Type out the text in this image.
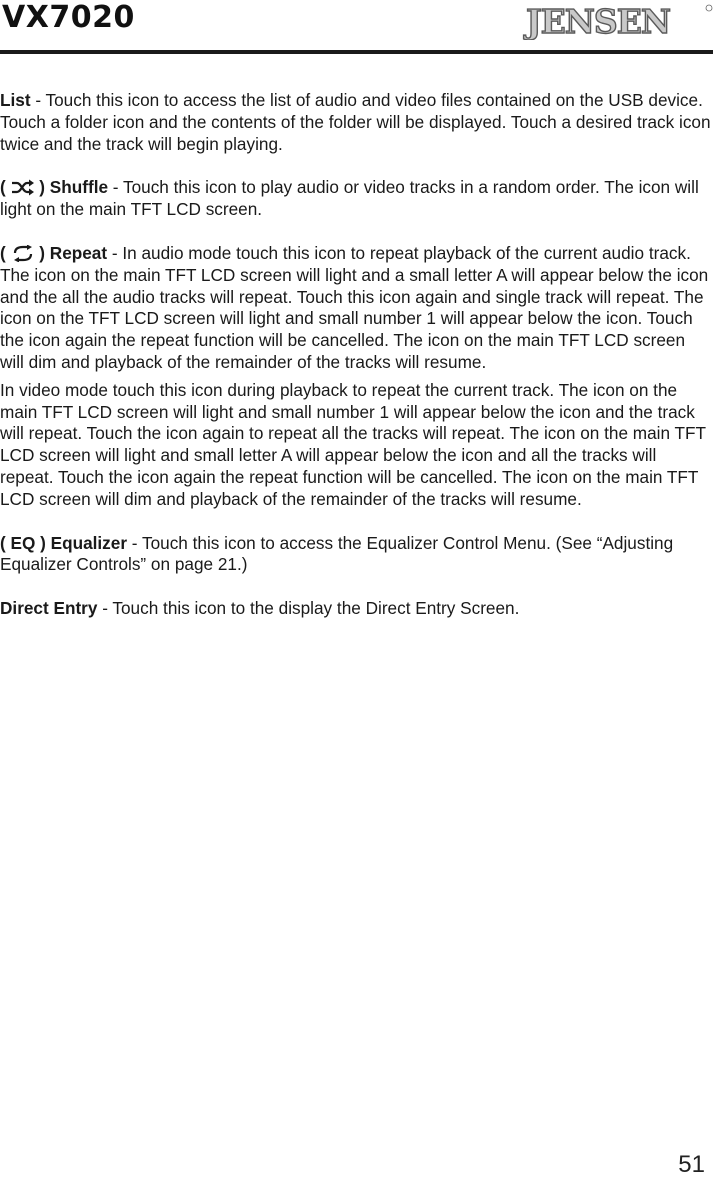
VX7020	JENSEN

List - Touch this icon to access the list of audio and video files contained on the USB device. Touch a folder icon and the contents of the folder will be displayed. Touch a desired track icon twice and the track will begin playing.

(  ) Shuffle - Touch this icon to play audio or video tracks in a random order. The icon will light on the main TFT LCD screen.

(  ) Repeat - In audio mode touch this icon to repeat playback of the current audio track. The icon on the main TFT LCD screen will light and a small letter A will appear below the icon and the all the audio tracks will repeat. Touch this icon again and single track will repeat. The icon on the TFT LCD screen will light and small number 1 will appear below the icon. Touch the icon again the repeat function will be cancelled. The icon on the main TFT LCD screen will dim and playback of the remainder of the tracks will resume.

In video mode touch this icon during playback to repeat the current track. The icon on the main TFT LCD screen will light and small number 1 will appear below the icon and the track will repeat. Touch the icon again to repeat all the tracks will repeat. The icon on the main TFT LCD screen will light and small letter A will appear below the icon and all the tracks will repeat. Touch the icon again the repeat function will be cancelled. The icon on the main TFT LCD screen will dim and playback of the remainder of the tracks will resume.

( EQ ) Equalizer - Touch this icon to access the Equalizer Control Menu. (See “Adjusting Equalizer Controls” on page 21.)

Direct Entry - Touch this icon to the display the Direct Entry Screen.

51
